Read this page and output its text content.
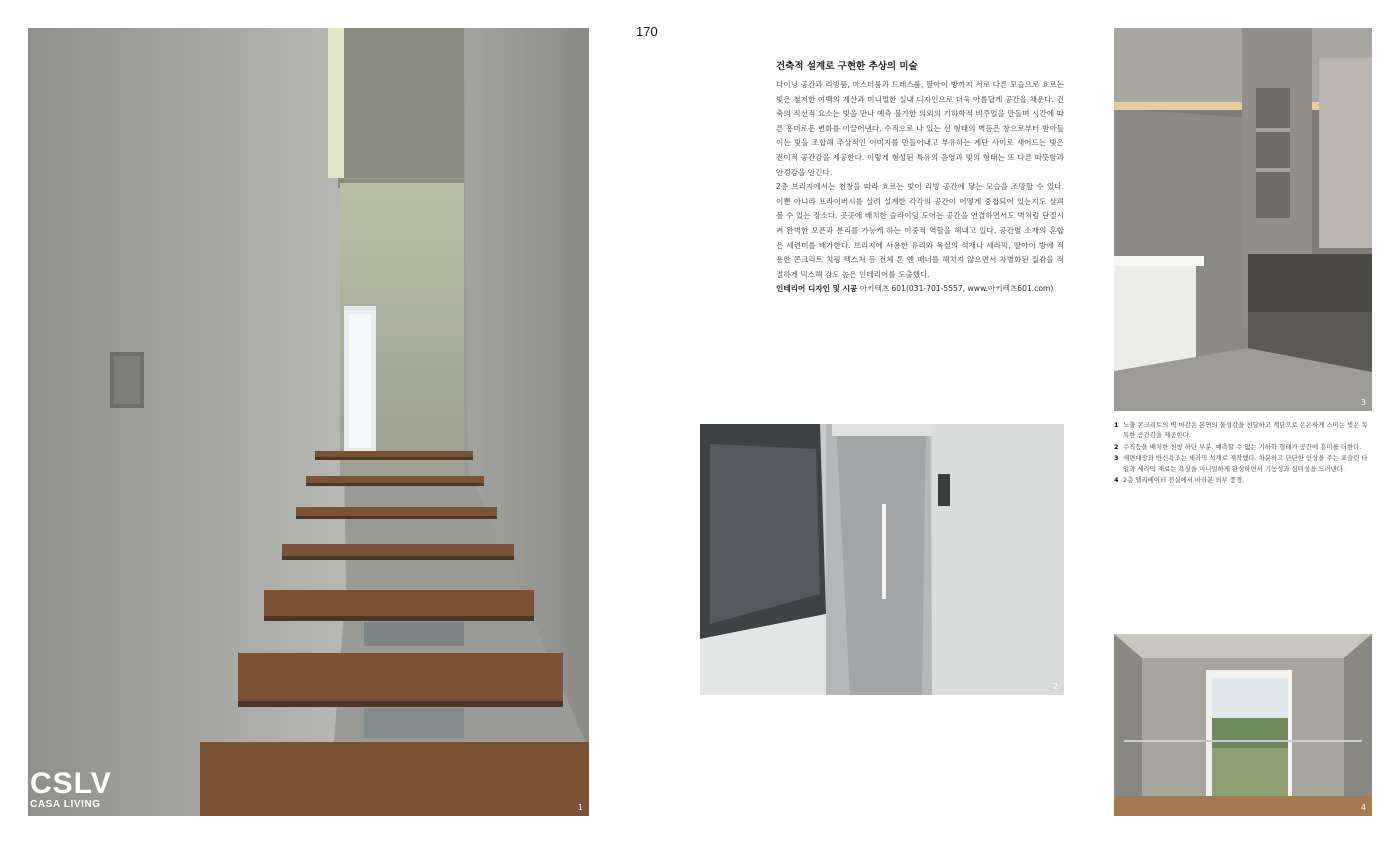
1
2
3
4
170
건축적 설계로 구현한 추상의 미술

다이닝 공간과 리빙룸, 마스터룸과 드레스룸, 딸아이 방까지 서로 다른 모습으로 흐르는 빛은 철저한 여백의 계산과 미니멀한 실내 디자인으로 더욱 아름답게 공간을 채운다. 건축의 직선적 요소는 빛을 만나 예측 불가한 의외의 기하학적 비주얼을 만들며 시간에 따른 흥미로운 변화를 이끌어낸다. 수직으로 나 있는 선 형태의 벽등은 창으로부터 받아들이는 빛을 조합해 추상적인 이미지를 만들어내고 부유하는 계단 사이로 새어드는 빛은 전이적 공간감을 제공한다. 이렇게 형성된 특유의 음영과 빛의 형태는 또 다른 따뜻함과 안정감을 안긴다.

2층 브리지에서는 천창을 따라 흐르는 빛이 리빙 공간에 닿는 모습을 조망할 수 있다. 이뿐 아니라 프라이버시를 살려 설계한 각각의 공간이 어떻게 중첩되어 있는지도 살펴볼 수 있는 장소다. 곳곳에 배치한 슬라이딩 도어는 공간을 연결하면서도 벽처럼 단절시켜 완벽한 오픈과 분리를 가능케 하는 이중적 역할을 해내고 있다. 공간별 소재의 혼합은 세련미를 배가한다. 브리지에 사용한 유리와 욕실의 석재나 세라믹, 딸아이 방에 적용한 콘크리트 치핑 텍스처 등 전체 톤 앤 매너를 해치지 않으면서 차별화된 질감을 적절하게 믹스해 감도 높은 인테리어를 도출했다.

인테리어 디자인 및 시공 아키텍츠 601(031-701-5557, www.아키텍츠601.com)

1 노출 콘크리트의 벽 마감은 본연의 물성감을 전달하고 계단으로 은은하게 스미는 빛은 독특한 공간감을 제공한다.
2 수직등을 배치한 천창 하단 부분. 예측할 수 없는 기하학 형태가 공간에 흥미를 더한다.
3 세면대장과 반신욕조는 세라믹 석재로 제작했다. 차분하고 단단한 인상을 주는 포슬린 타일과 세라믹 재료는 욕실을 미니멀하게 완성하면서 기능성과 심미성을 드러낸다.
4 2층 엘리베이터 전실에서 바라본 외부 풍경.
CSLV
CASA LIVING
